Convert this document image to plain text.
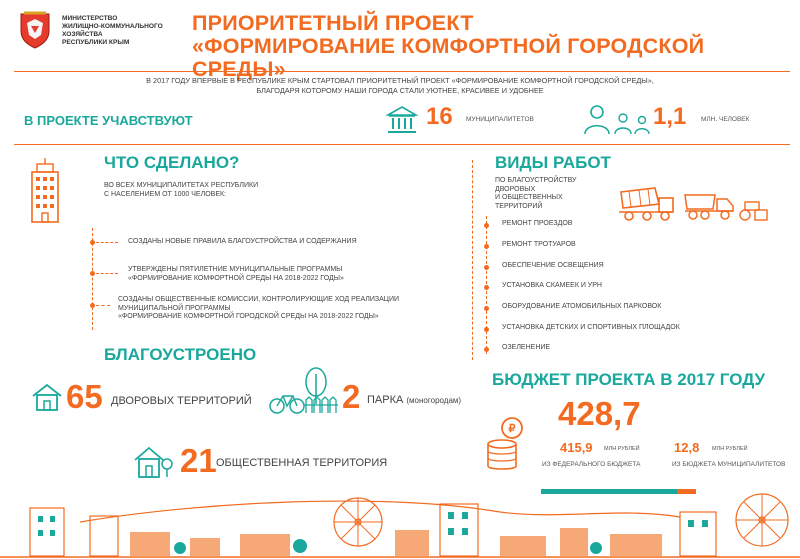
МИНИСТЕРСТВО
ЖИЛИЩНО-КОММУНАЛЬНОГО
ХОЗЯЙСТВА
РЕСПУБЛИКИ КРЫМ
ПРИОРИТЕТНЫЙ ПРОЕКТ
«ФОРМИРОВАНИЕ КОМФОРТНОЙ ГОРОДСКОЙ СРЕДЫ»
В 2017 ГОДУ ВПЕРВЫЕ В РЕСПУБЛИКЕ КРЫМ СТАРТОВАЛ ПРИОРИТЕТНЫЙ ПРОЕКТ «ФОРМИРОВАНИЕ КОМФОРТНОЙ ГОРОДСКОЙ СРЕДЫ»,
БЛАГОДАРЯ КОТОРОМУ НАШИ ГОРОДА СТАЛИ УЮТНЕЕ, КРАСИВЕЕ И УДОБНЕЕ
В ПРОЕКТЕ УЧАВСТВУЮТ	16 МУНИЦИПАЛИТЕТОВ	1,1 МЛН. ЧЕЛОВЕК
ЧТО СДЕЛАНО?
ВО ВСЕХ МУНИЦИПАЛИТЕТАХ РЕСПУБЛИКИ
С НАСЕЛЕНИЕМ ОТ 1000 ЧЕЛОВЕК:
СОЗДАНЫ НОВЫЕ ПРАВИЛА БЛАГОУСТРОЙСТВА И СОДЕРЖАНИЯ
УТВЕРЖДЕНЫ ПЯТИЛЕТНИЕ МУНИЦИПАЛЬНЫЕ ПРОГРАММЫ
«ФОРМИРОВАНИЕ КОМФОРТНОЙ СРЕДЫ НА 2018-2022 ГОДЫ»
СОЗДАНЫ ОБЩЕСТВЕННЫЕ КОМИССИИ, КОНТРОЛИРУЮЩИЕ ХОД РЕАЛИЗАЦИИ
МУНИЦИПАЛЬНОЙ ПРОГРАММЫ
«ФОРМИРОВАНИЕ КОМФОРТНОЙ ГОРОДСКОЙ СРЕДЫ НА 2018-2022 ГОДЫ»
ВИДЫ РАБОТ
ПО БЛАГОУСТРОЙСТВУ
ДВОРОВЫХ
И ОБЩЕСТВЕННЫХ
ТЕРРИТОРИЙ
РЕМОНТ ПРОЕЗДОВ
РЕМОНТ ТРОТУАРОВ
ОБЕСПЕЧЕНИЕ ОСВЕЩЕНИЯ
УСТАНОВКА СКАМЕЕК И УРН
ОБОРУДОВАНИЕ АТОМОБИЛЬНЫХ ПАРКОВОК
УСТАНОВКА ДЕТСКИХ И СПОРТИВНЫХ ПЛОЩАДОК
ОЗЕЛЕНЕНИЕ
БЛАГОУСТРОЕНО
65 ДВОРОВЫХ ТЕРРИТОРИЙ	2 ПАРКА (моногородам)
21 ОБЩЕСТВЕННАЯ ТЕРРИТОРИЯ
БЮДЖЕТ ПРОЕКТА В 2017 ГОДУ
₽ 428,7
415,9 МЛН РУБЛЕЙ
ИЗ ФЕДЕРАЛЬНОГО БЮДЖЕТА
12,8 МЛН РУБЛЕЙ
ИЗ БЮДЖЕТА МУНИЦИПАЛИТЕТОВ
